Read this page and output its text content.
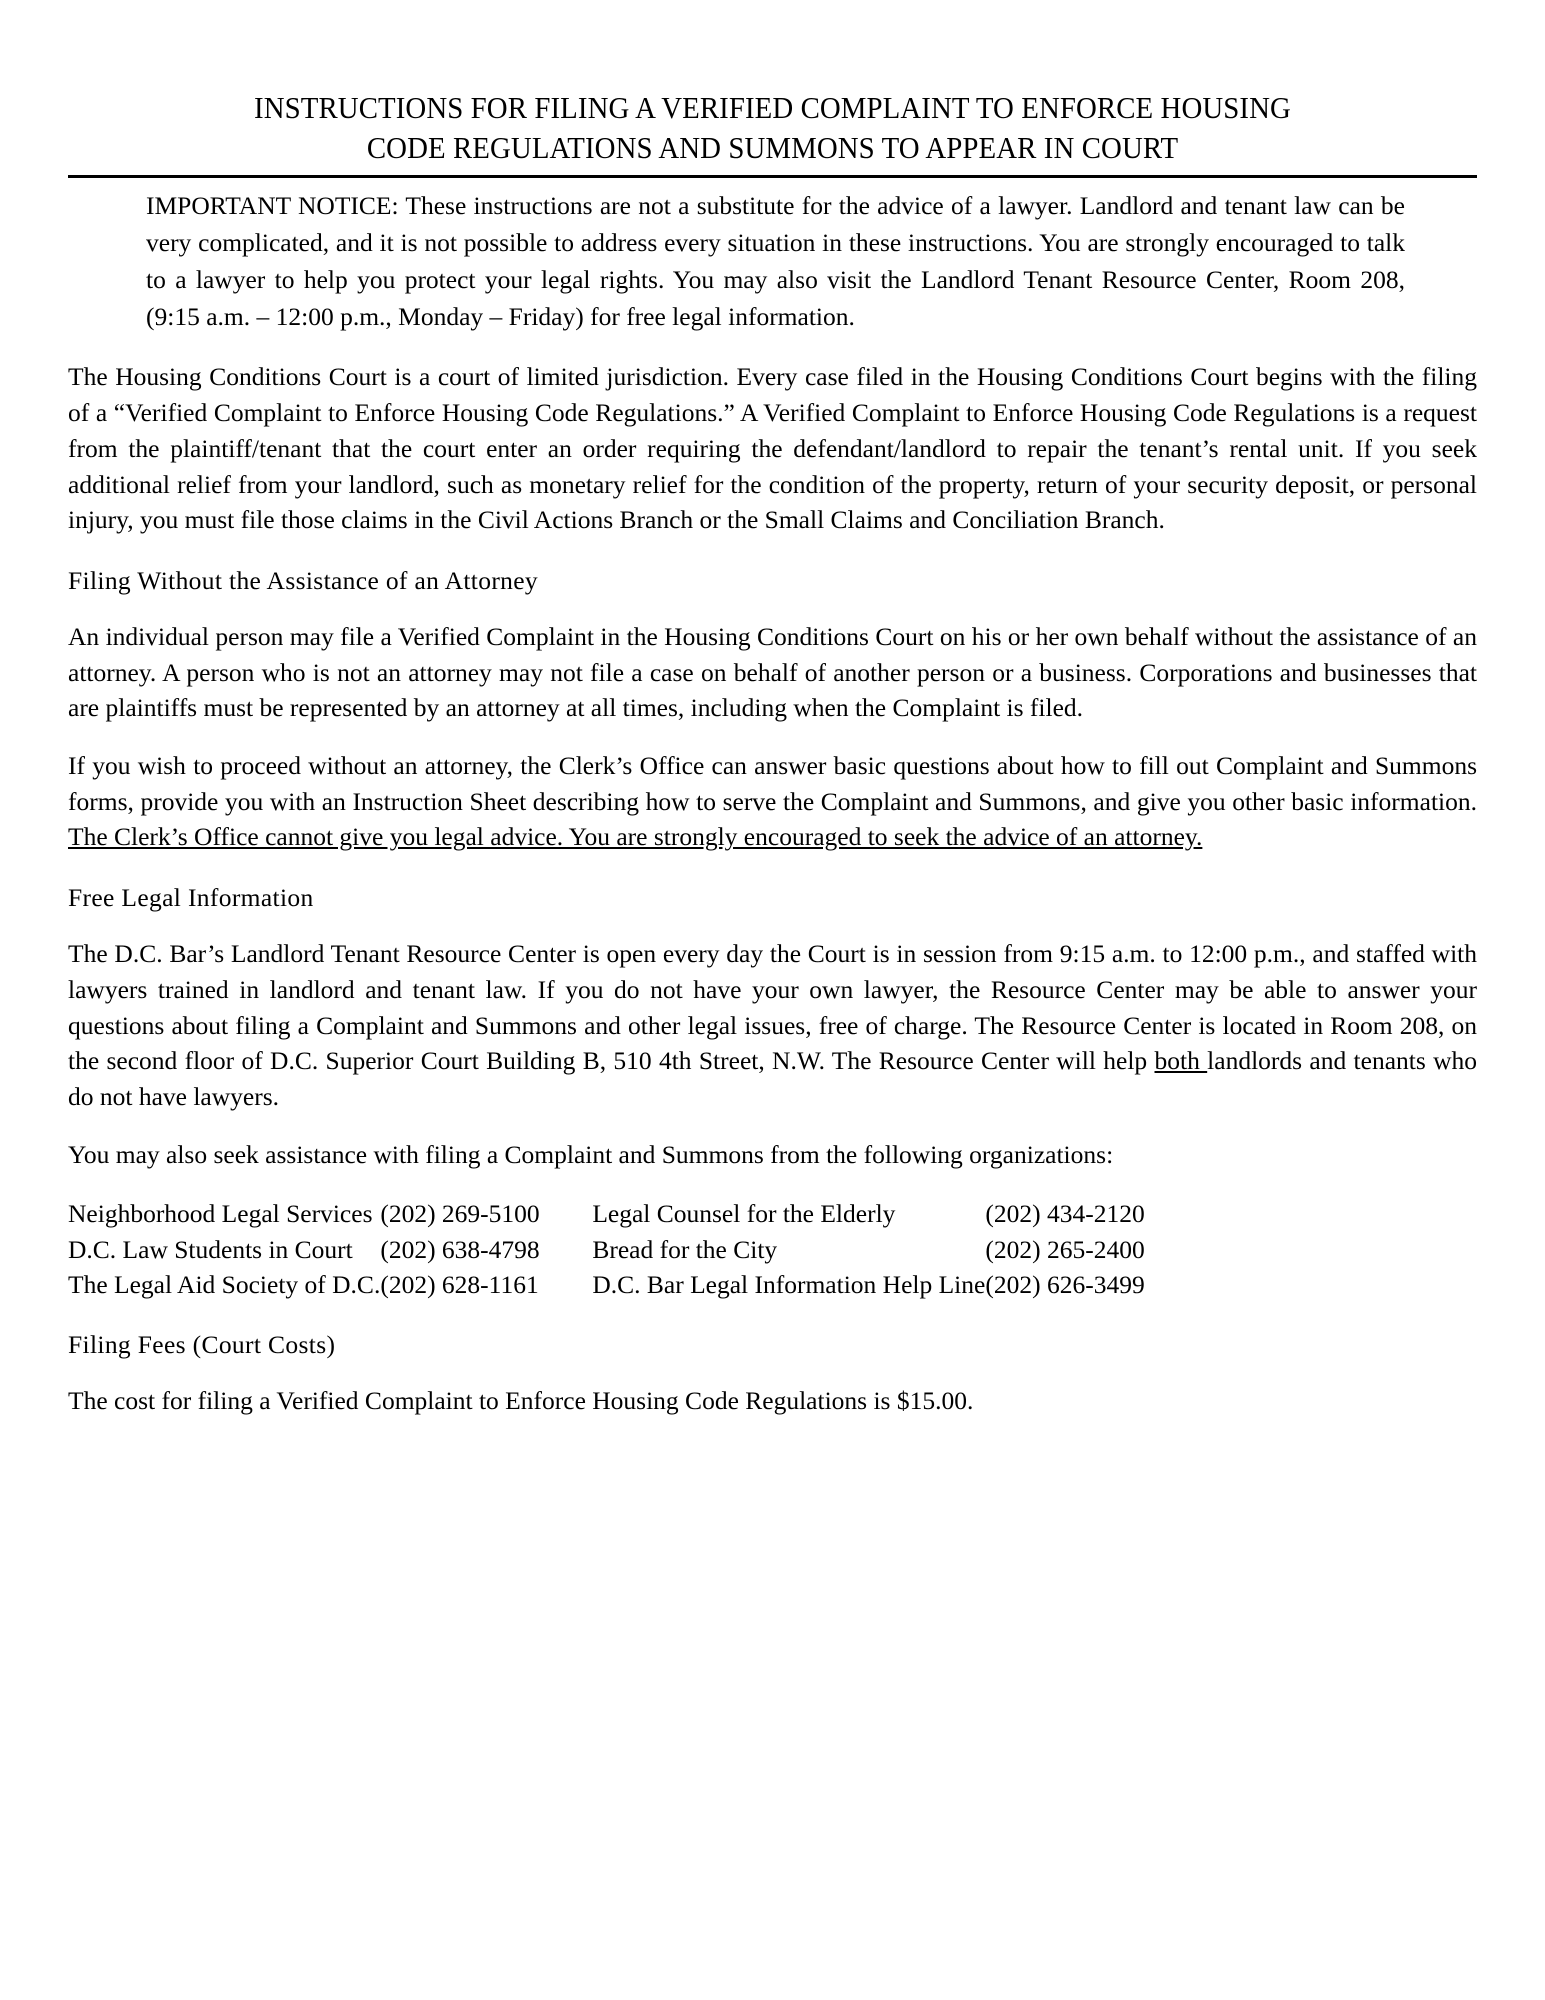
INSTRUCTIONS FOR FILING A VERIFIED COMPLAINT TO ENFORCE HOUSING
CODE REGULATIONS AND SUMMONS TO APPEAR IN COURT
IMPORTANT NOTICE: These instructions are not a substitute for the advice of a lawyer. Landlord and tenant law can be very complicated, and it is not possible to address every situation in these instructions. You are strongly encouraged to talk to a lawyer to help you protect your legal rights. You may also visit the Landlord Tenant Resource Center, Room 208, (9:15 a.m. – 12:00 p.m., Monday – Friday) for free legal information.

The Housing Conditions Court is a court of limited jurisdiction. Every case filed in the Housing Conditions Court begins with the filing of a “Verified Complaint to Enforce Housing Code Regulations.” A Verified Complaint to Enforce Housing Code Regulations is a request from the plaintiff/tenant that the court enter an order requiring the defendant/landlord to repair the tenant’s rental unit. If you seek additional relief from your landlord, such as monetary relief for the condition of the property, return of your security deposit, or personal injury, you must file those claims in the Civil Actions Branch or the Small Claims and Conciliation Branch.

Filing Without the Assistance of an Attorney

An individual person may file a Verified Complaint in the Housing Conditions Court on his or her own behalf without the assistance of an attorney. A person who is not an attorney may not file a case on behalf of another person or a business. Corporations and businesses that are plaintiffs must be represented by an attorney at all times, including when the Complaint is filed.

If you wish to proceed without an attorney, the Clerk’s Office can answer basic questions about how to fill out Complaint and Summons forms, provide you with an Instruction Sheet describing how to serve the Complaint and Summons, and give you other basic information. The Clerk’s Office cannot give you legal advice. You are strongly encouraged to seek the advice of an attorney.

Free Legal Information

The D.C. Bar’s Landlord Tenant Resource Center is open every day the Court is in session from 9:15 a.m. to 12:00 p.m., and staffed with lawyers trained in landlord and tenant law. If you do not have your own lawyer, the Resource Center may be able to answer your questions about filing a Complaint and Summons and other legal issues, free of charge. The Resource Center is located in Room 208, on the second floor of D.C. Superior Court Building B, 510 4th Street, N.W. The Resource Center will help both landlords and tenants who do not have lawyers.

You may also seek assistance with filing a Complaint and Summons from the following organizations:

Neighborhood Legal Services	(202) 269-5100	Legal Counsel for the Elderly	(202) 434-2120
D.C. Law Students in Court	(202) 638-4798	Bread for the City	(202) 265-2400
The Legal Aid Society of D.C.	(202) 628-1161	D.C. Bar Legal Information Help Line	(202) 626-3499
Filing Fees (Court Costs)

The cost for filing a Verified Complaint to Enforce Housing Code Regulations is $15.00.
